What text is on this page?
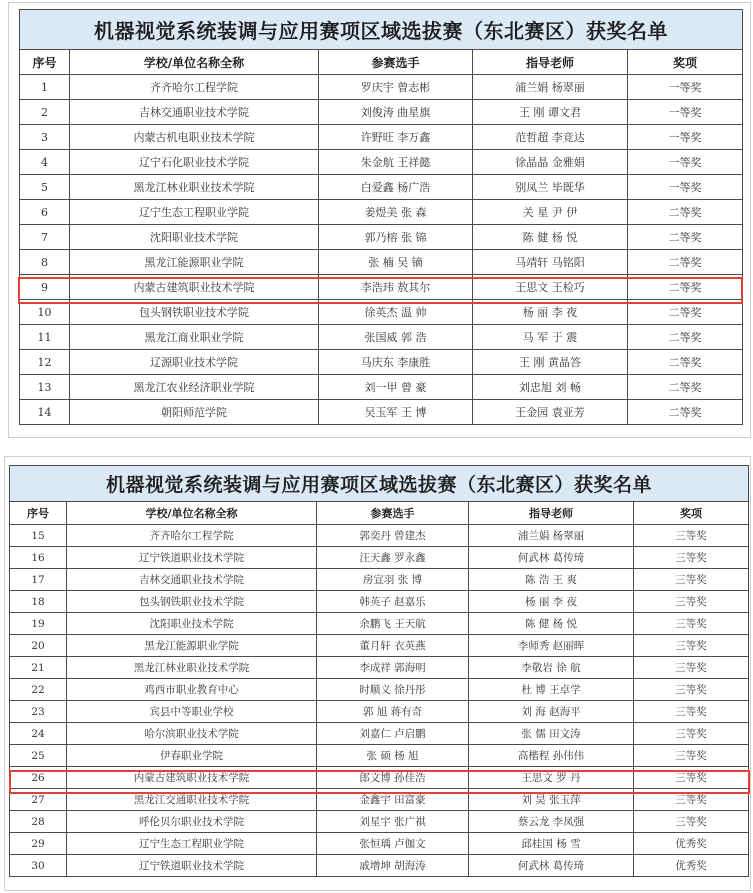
机器视觉系统装调与应用赛项区域选拔赛（东北赛区）获奖名单				
序号	学校/单位名称全称	参赛选手	指导老师	奖项
1	齐齐哈尔工程学院	罗庆宇 曾志彬	浦兰娟 杨翠丽	一等奖
2	吉林交通职业技术学院	刘俊涛 曲星旗	王 刚 谭文君	一等奖
3	内蒙古机电职业技术学院	许野旺 李万鑫	范哲超 李竞达	一等奖
4	辽宁石化职业技术学院	朱金航 王祥懿	徐晶晶 金雅娟	一等奖
5	黑龙江林业职业技术学院	白爱鑫 杨广浩	别凤兰 毕既华	一等奖
6	辽宁生态工程职业学院	姜煜美 张 森	关 星 尹 伊	二等奖
7	沈阳职业技术学院	郭乃榕 张 锦	陈 健 杨 悦	二等奖
8	黑龙江能源职业学院	张 楠 吴 镝	马靖轩 马铭阳	二等奖
9	内蒙古建筑职业技术学院	李浩玮 敖其尔	王思文 王检巧	二等奖
10	包头钢铁职业技术学院	徐英杰 温 帅	杨 丽 李 夜	二等奖
11	黑龙江商业职业学院	张国威 郭 浩	马 军 于 震	二等奖
12	辽源职业技术学院	马庆东 李康胜	王 刚 黄晶答	二等奖
13	黑龙江农业经济职业学院	刘一甲 曾 豪	刘忠旭 刘 畅	二等奖
14	朝阳师范学院	吴玉军 王 博	王金园 袁亚芳	二等奖
机器视觉系统装调与应用赛项区域选拔赛（东北赛区）获奖名单				
序号	学校/单位名称全称	参赛选手	指导老师	奖项
15	齐齐哈尔工程学院	郭奕丹 曾建杰	浦兰娟 杨翠丽	三等奖
16	辽宁铁道职业技术学院	汪天鑫 罗永鑫	何武林 葛传琦	三等奖
17	吉林交通职业技术学院	房宣羽 张 博	陈 浩 王 爽	三等奖
18	包头钢铁职业技术学院	韩英子 赵嘉乐	杨 丽 李 夜	三等奖
19	沈阳职业技术学院	余鹏飞 王天航	陈 健 杨 悦	三等奖
20	黑龙江能源职业学院	董月轩 衣英燕	李师秀 赵丽晖	三等奖
21	黑龙江林业职业技术学院	李成祥 郭海明	李敬岩 徐 航	三等奖
22	鸡西市职业教育中心	时顺义 徐丹彤	杜 博 王卓学	三等奖
23	宾县中等职业学校	郭 旭 蒋有奇	刘 海 赵海平	三等奖
24	哈尔滨职业技术学院	刘嘉仁 卢启鹏	张 儒 田文涛	三等奖
25	伊春职业学院	张 硕 杨 旭	高楷程 孙伟伟	三等奖
26	内蒙古建筑职业技术学院	郎文博 孙佳浩	王思文 罗 丹	三等奖
27	黑龙江交通职业技术学院	金鑫宇 田富豪	刘 昊 张玉萍	三等奖
28	呼伦贝尔职业技术学院	刘星宇 张广祺	蔡云龙 李凤强	三等奖
29	辽宁生态工程职业学院	张恒瑀 卢伽文	邱桂国 杨 雪	优秀奖
30	辽宁铁道职业技术学院	戚增坤 胡海涛	何武林 葛传琦	优秀奖
